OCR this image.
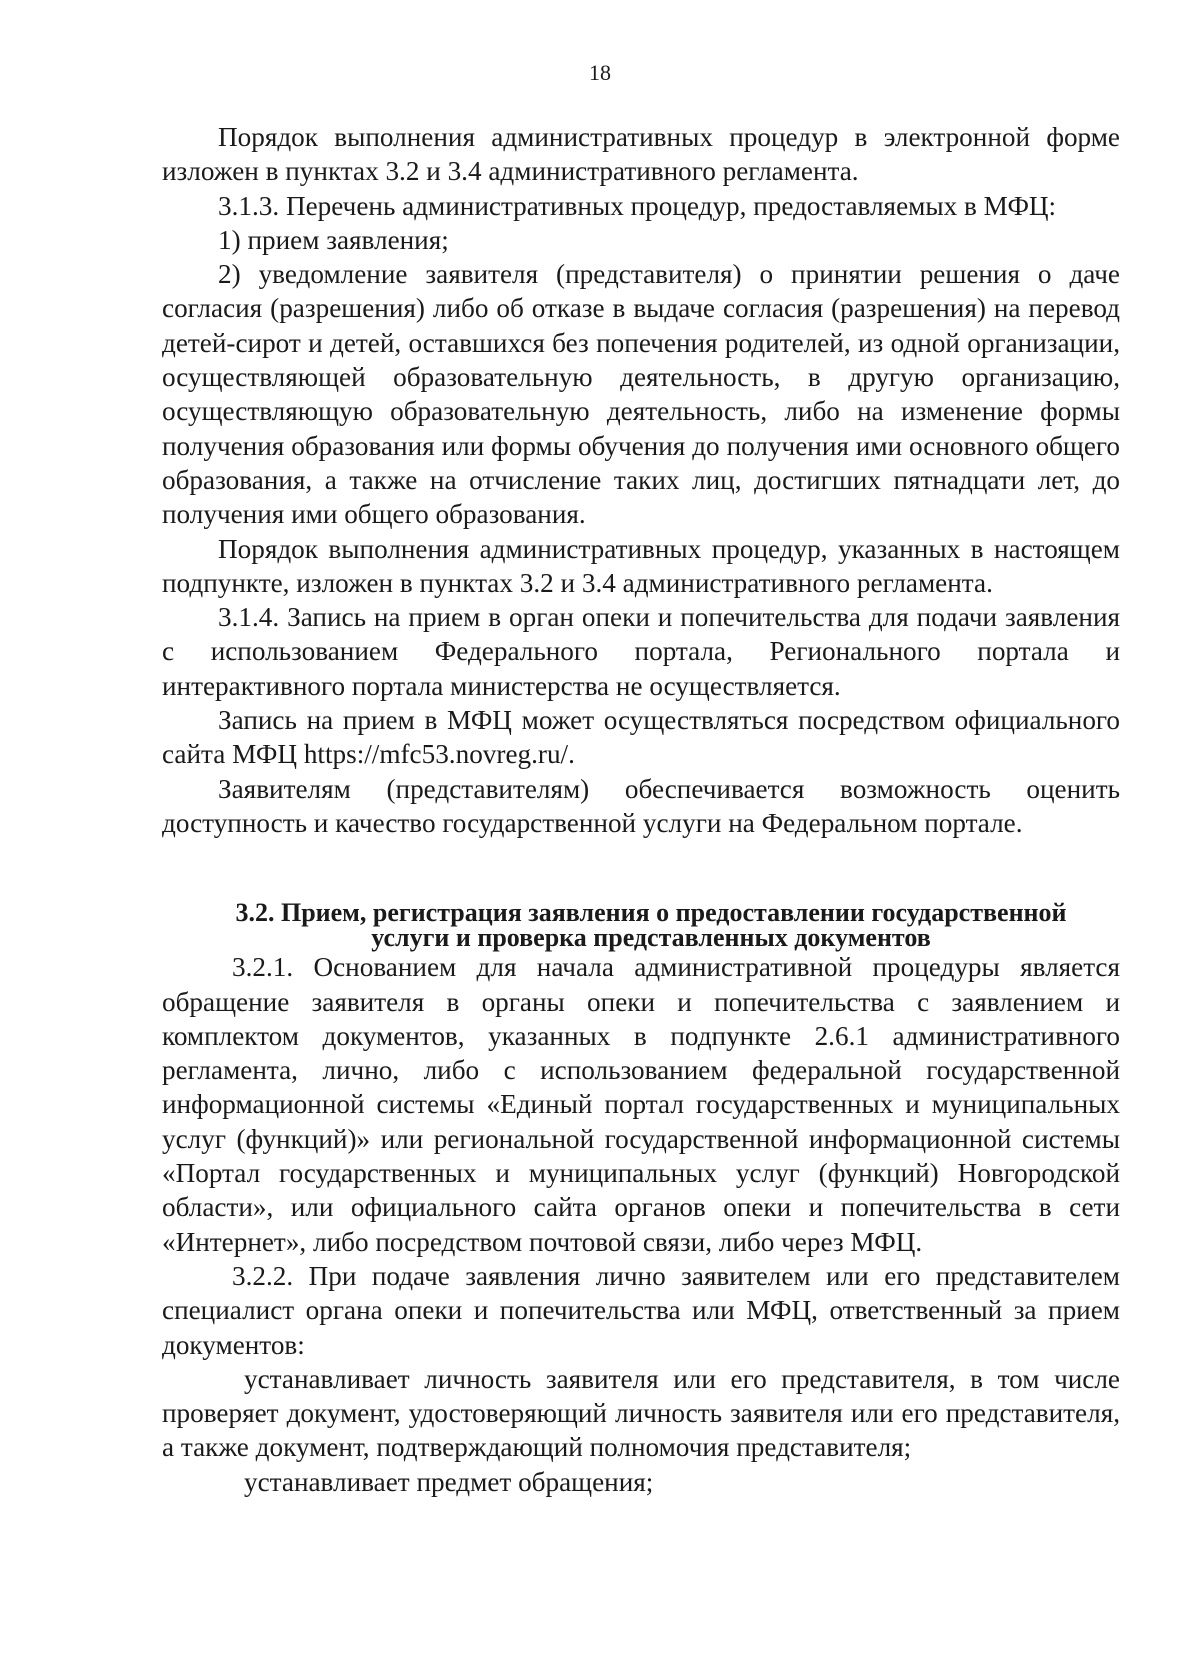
18

Порядок выполнения административных процедур в электронной форме изложен в пунктах 3.2 и 3.4 административного регламента.

3.1.3. Перечень административных процедур, предоставляемых в МФЦ:

1) прием заявления;

2) уведомление заявителя (представителя) о принятии решения о даче согласия (разрешения) либо об отказе в выдаче согласия (разрешения) на перевод детей-сирот и детей, оставшихся без попечения родителей, из одной организации, осуществляющей образовательную деятельность, в другую организацию, осуществляющую образовательную деятельность, либо на изменение формы получения образования или формы обучения до получения ими основного общего образования, а также на отчисление таких лиц, достигших пятнадцати лет, до получения ими общего образования.

Порядок выполнения административных процедур, указанных в настоящем подпункте, изложен в пунктах 3.2 и 3.4 административного регламента.

3.1.4. Запись на прием в орган опеки и попечительства для подачи заявления с использованием Федерального портала, Регионального портала и интерактивного портала министерства не осуществляется.

Запись на прием в МФЦ может осуществляться посредством официального сайта МФЦ https://mfc53.novreg.ru/.

Заявителям (представителям) обеспечивается возможность оценить доступность и качество государственной услуги на Федеральном портале.

3.2. Прием, регистрация заявления о предоставлении государственной услуги и проверка представленных документов

3.2.1. Основанием для начала административной процедуры является обращение заявителя в органы опеки и попечительства с заявлением и комплектом документов, указанных в подпункте 2.6.1 административного регламента, лично, либо с использованием федеральной государственной информационной системы «Единый портал государственных и муниципальных услуг (функций)» или региональной государственной информационной системы «Портал государственных и муниципальных услуг (функций) Новгородской области», или официального сайта органов опеки и попечительства в сети «Интернет», либо посредством почтовой связи, либо через МФЦ.

3.2.2. При подаче заявления лично заявителем или его представителем специалист органа опеки и попечительства или МФЦ, ответственный за прием документов:

устанавливает личность заявителя или его представителя, в том числе проверяет документ, удостоверяющий личность заявителя или его представителя, а также документ, подтверждающий полномочия представителя;

устанавливает предмет обращения;
